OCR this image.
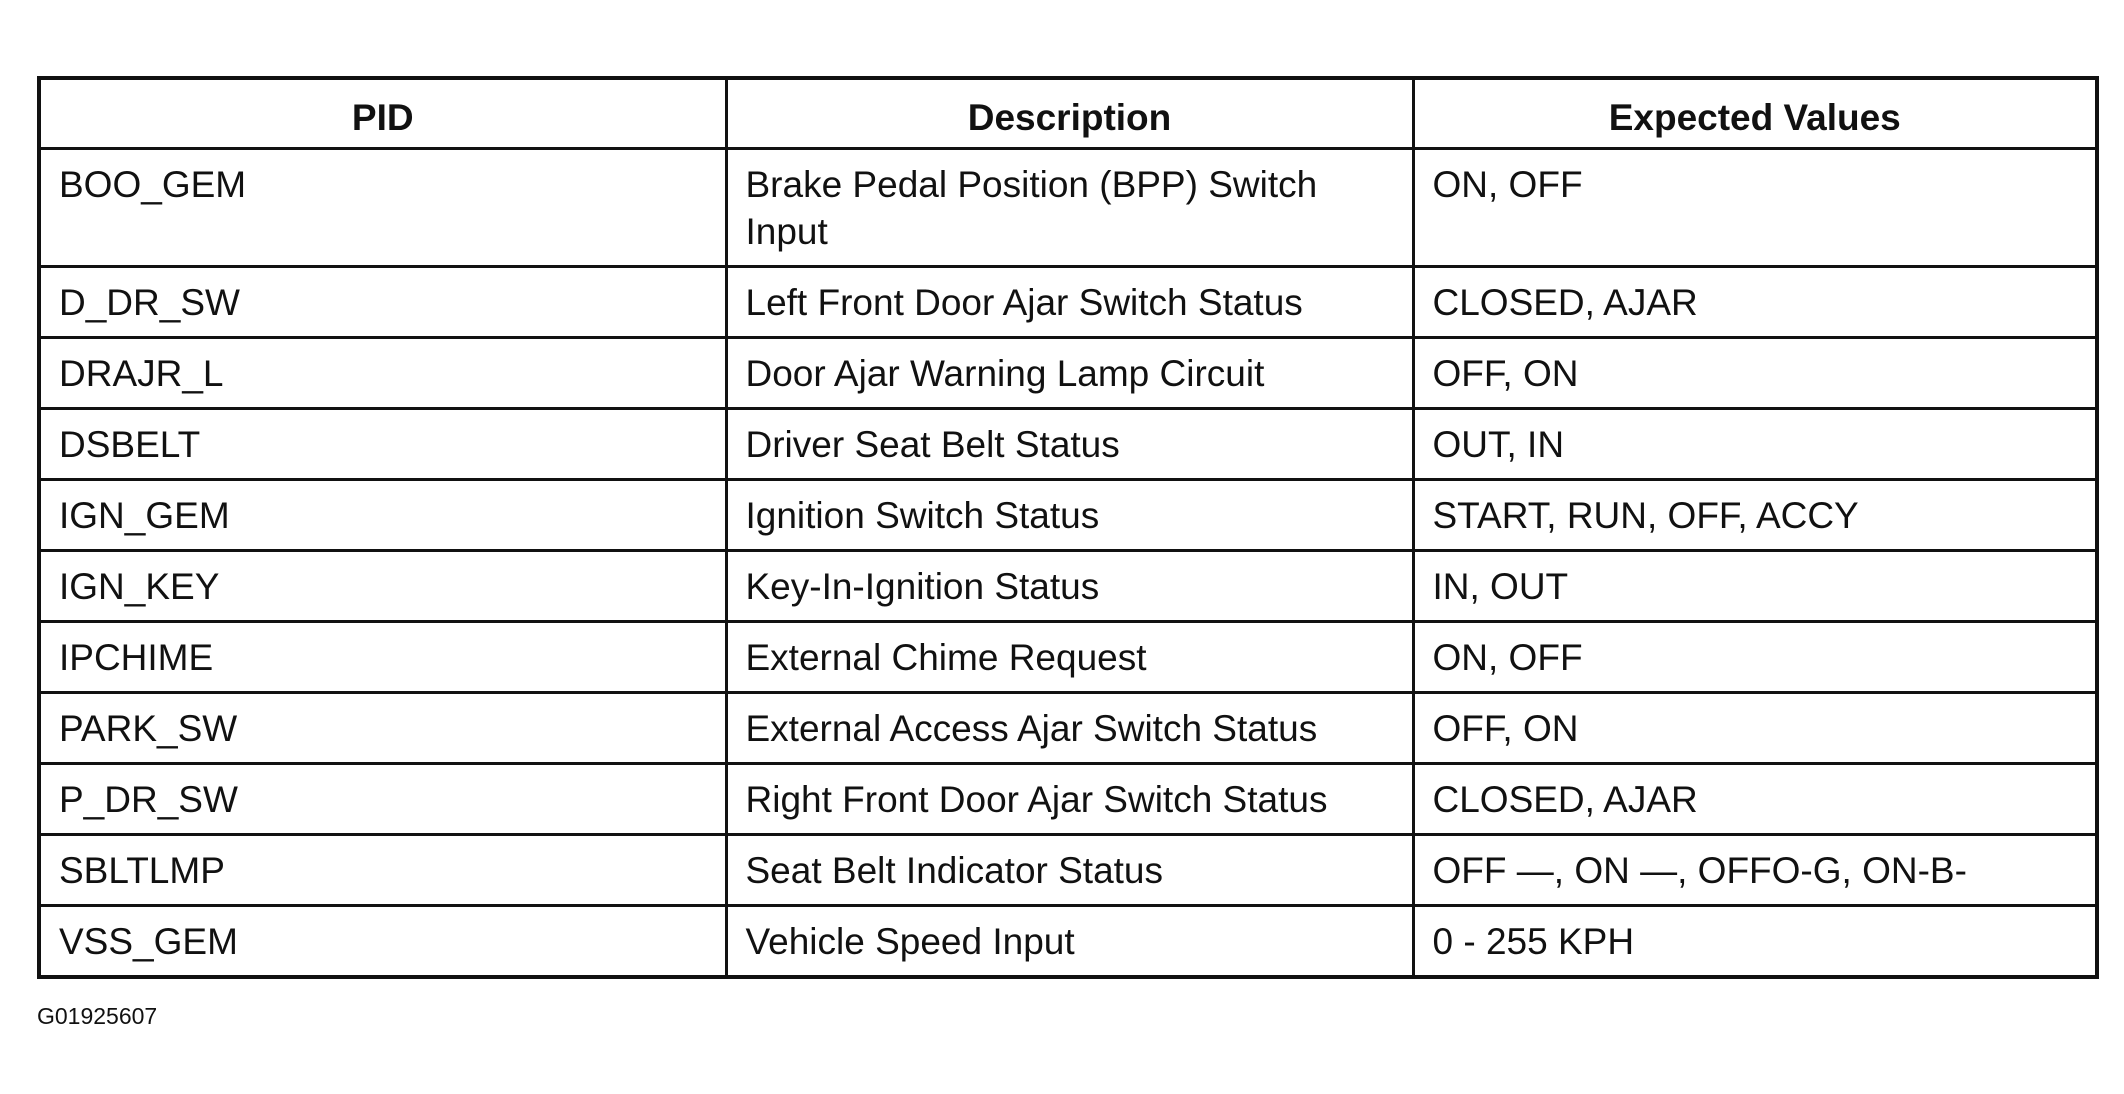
PID	Description	Expected Values
BOO_GEM	Brake Pedal Position (BPP) Switch Input	ON, OFF
D_DR_SW	Left Front Door Ajar Switch Status	CLOSED, AJAR
DRAJR_L	Door Ajar Warning Lamp Circuit	OFF, ON
DSBELT	Driver Seat Belt Status	OUT, IN
IGN_GEM	Ignition Switch Status	START, RUN, OFF, ACCY
IGN_KEY	Key-In-Ignition Status	IN, OUT
IPCHIME	External Chime Request	ON, OFF
PARK_SW	External Access Ajar Switch Status	OFF, ON
P_DR_SW	Right Front Door Ajar Switch Status	CLOSED, AJAR
SBLTLMP	Seat Belt Indicator Status	OFF —, ON —, OFFO-G, ON-B-
VSS_GEM	Vehicle Speed Input	0 - 255 KPH
G01925607
